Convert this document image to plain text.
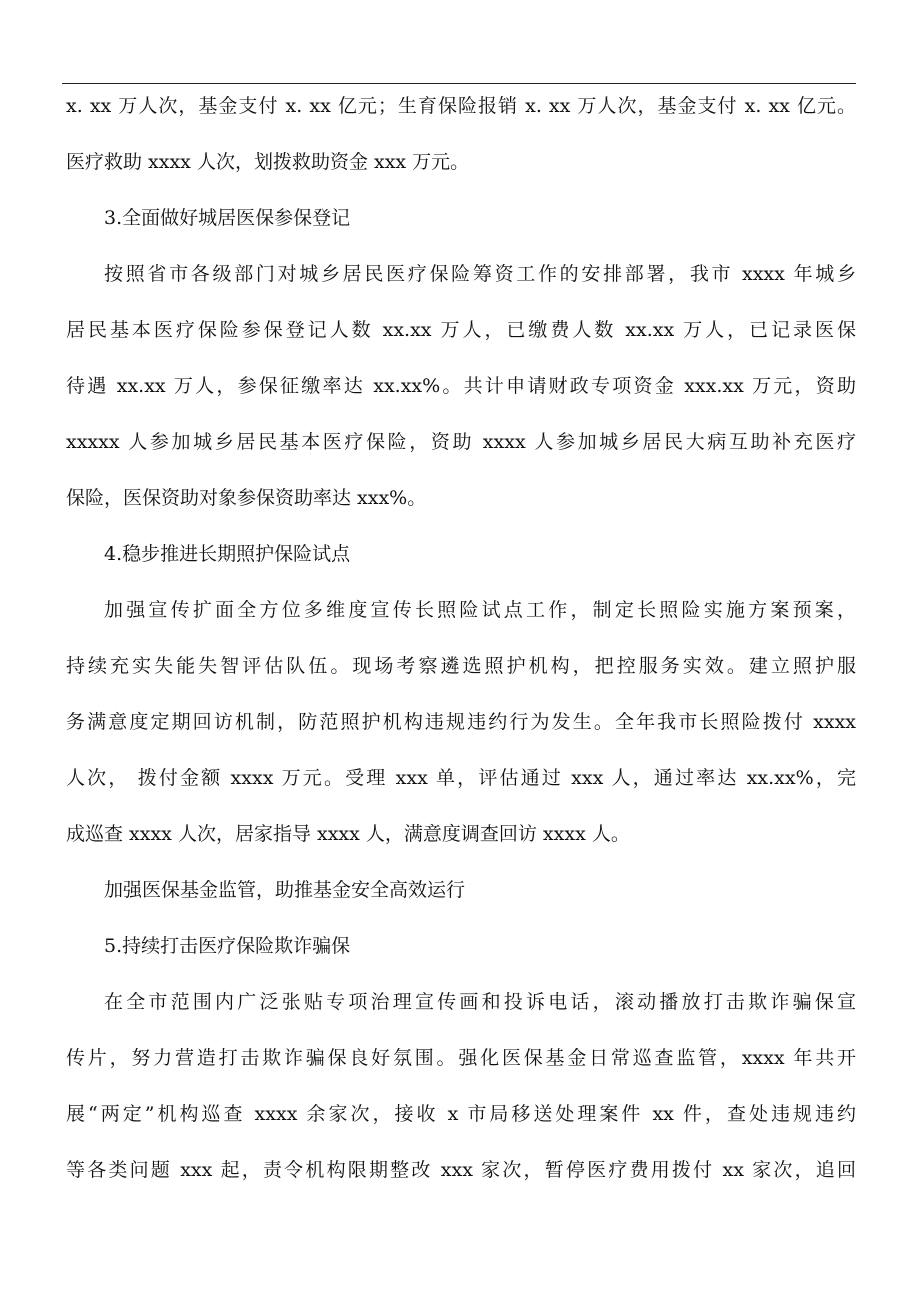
x. xx 万人次，基金支付 x. xx 亿元；生育保险报销 x. xx 万人次，基金支付 x. xx 亿元。
医疗救助 xxxx 人次，划拨救助资金 xxx 万元。
3.全面做好城居医保参保登记
按照省市各级部门对城乡居民医疗保险筹资工作的安排部署，我市 xxxx 年城乡
居民基本医疗保险参保登记人数 xx.xx 万人，已缴费人数 xx.xx 万人，已记录医保
待遇 xx.xx 万人，参保征缴率达 xx.xx%。共计申请财政专项资金 xxx.xx 万元，资助
xxxxx 人参加城乡居民基本医疗保险，资助 xxxx 人参加城乡居民大病互助补充医疗
保险，医保资助对象参保资助率达 xxx%。
4.稳步推进长期照护保险试点
加强宣传扩面全方位多维度宣传长照险试点工作，制定长照险实施方案预案，
持续充实失能失智评估队伍。现场考察遴选照护机构，把控服务实效。建立照护服
务满意度定期回访机制，防范照护机构违规违约行为发生。全年我市长照险拨付 xxxx
人次， 拨付金额 xxxx 万元。受理 xxx 单，评估通过 xxx 人，通过率达 xx.xx%，完
成巡查 xxxx 人次，居家指导 xxxx 人，满意度调查回访 xxxx 人。
加强医保基金监管，助推基金安全高效运行
5.持续打击医疗保险欺诈骗保
在全市范围内广泛张贴专项治理宣传画和投诉电话，滚动播放打击欺诈骗保宣
传片，努力营造打击欺诈骗保良好氛围。强化医保基金日常巡查监管，xxxx 年共开
展“两定”机构巡查 xxxx 余家次，接收 x 市局移送处理案件 xx 件，查处违规违约
等各类问题 xxx 起，责令机构限期整改 xxx 家次，暂停医疗费用拨付 xx 家次，追回
